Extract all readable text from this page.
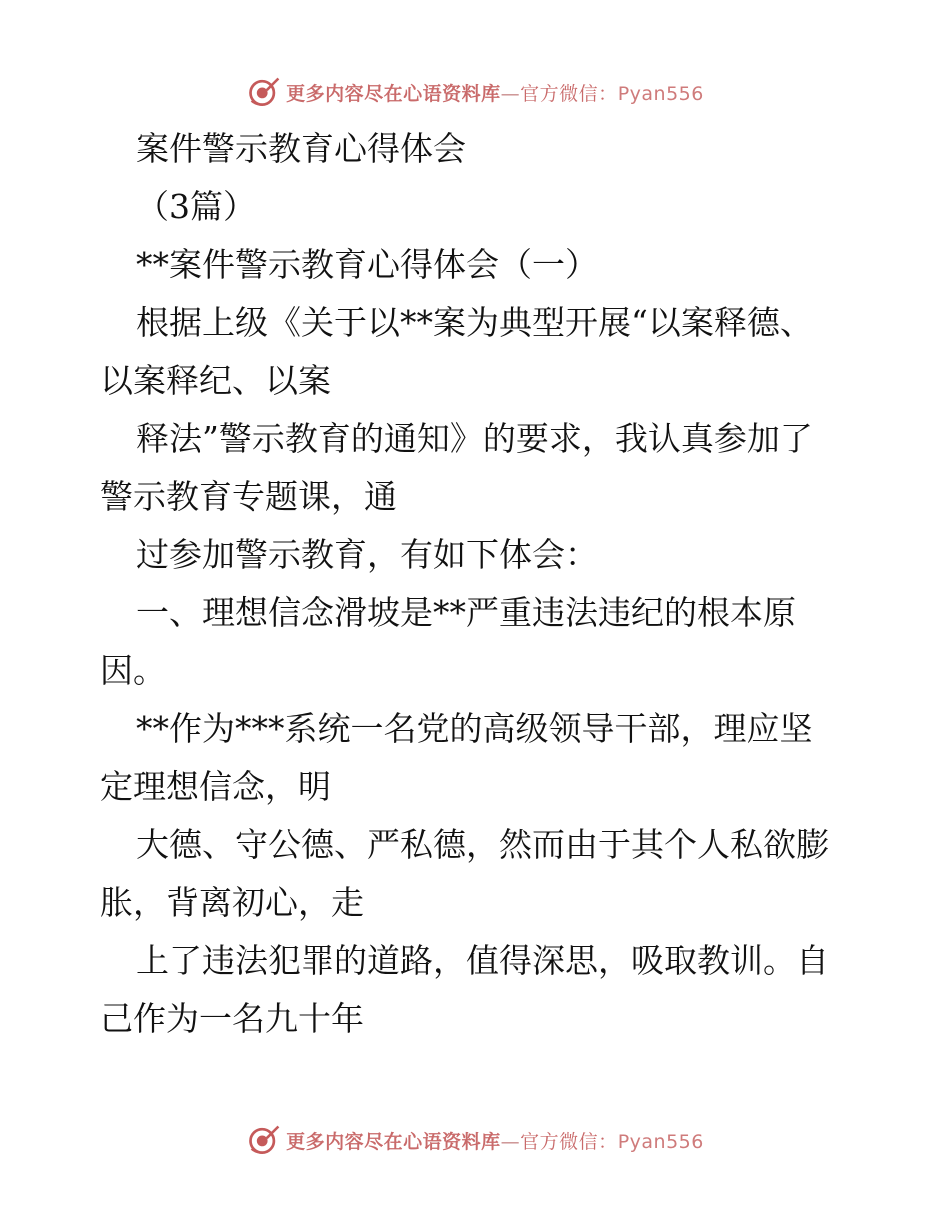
更多内容尽在心语资料库—官方微信：Pyan556
案件警示教育心得体会
（3篇）
**案件警示教育心得体会（一）
根据上级《关于以**案为典型开展“以案释德、
以案释纪、以案
释法”警示教育的通知》的要求，我认真参加了
警示教育专题课，通
过参加警示教育，有如下体会：
一、理想信念滑坡是**严重违法违纪的根本原
因。
**作为***系统一名党的高级领导干部，理应坚
定理想信念，明
大德、守公德、严私德，然而由于其个人私欲膨
胀，背离初心，走
上了违法犯罪的道路，值得深思，吸取教训。自
己作为一名九十年
更多内容尽在心语资料库—官方微信：Pyan556
